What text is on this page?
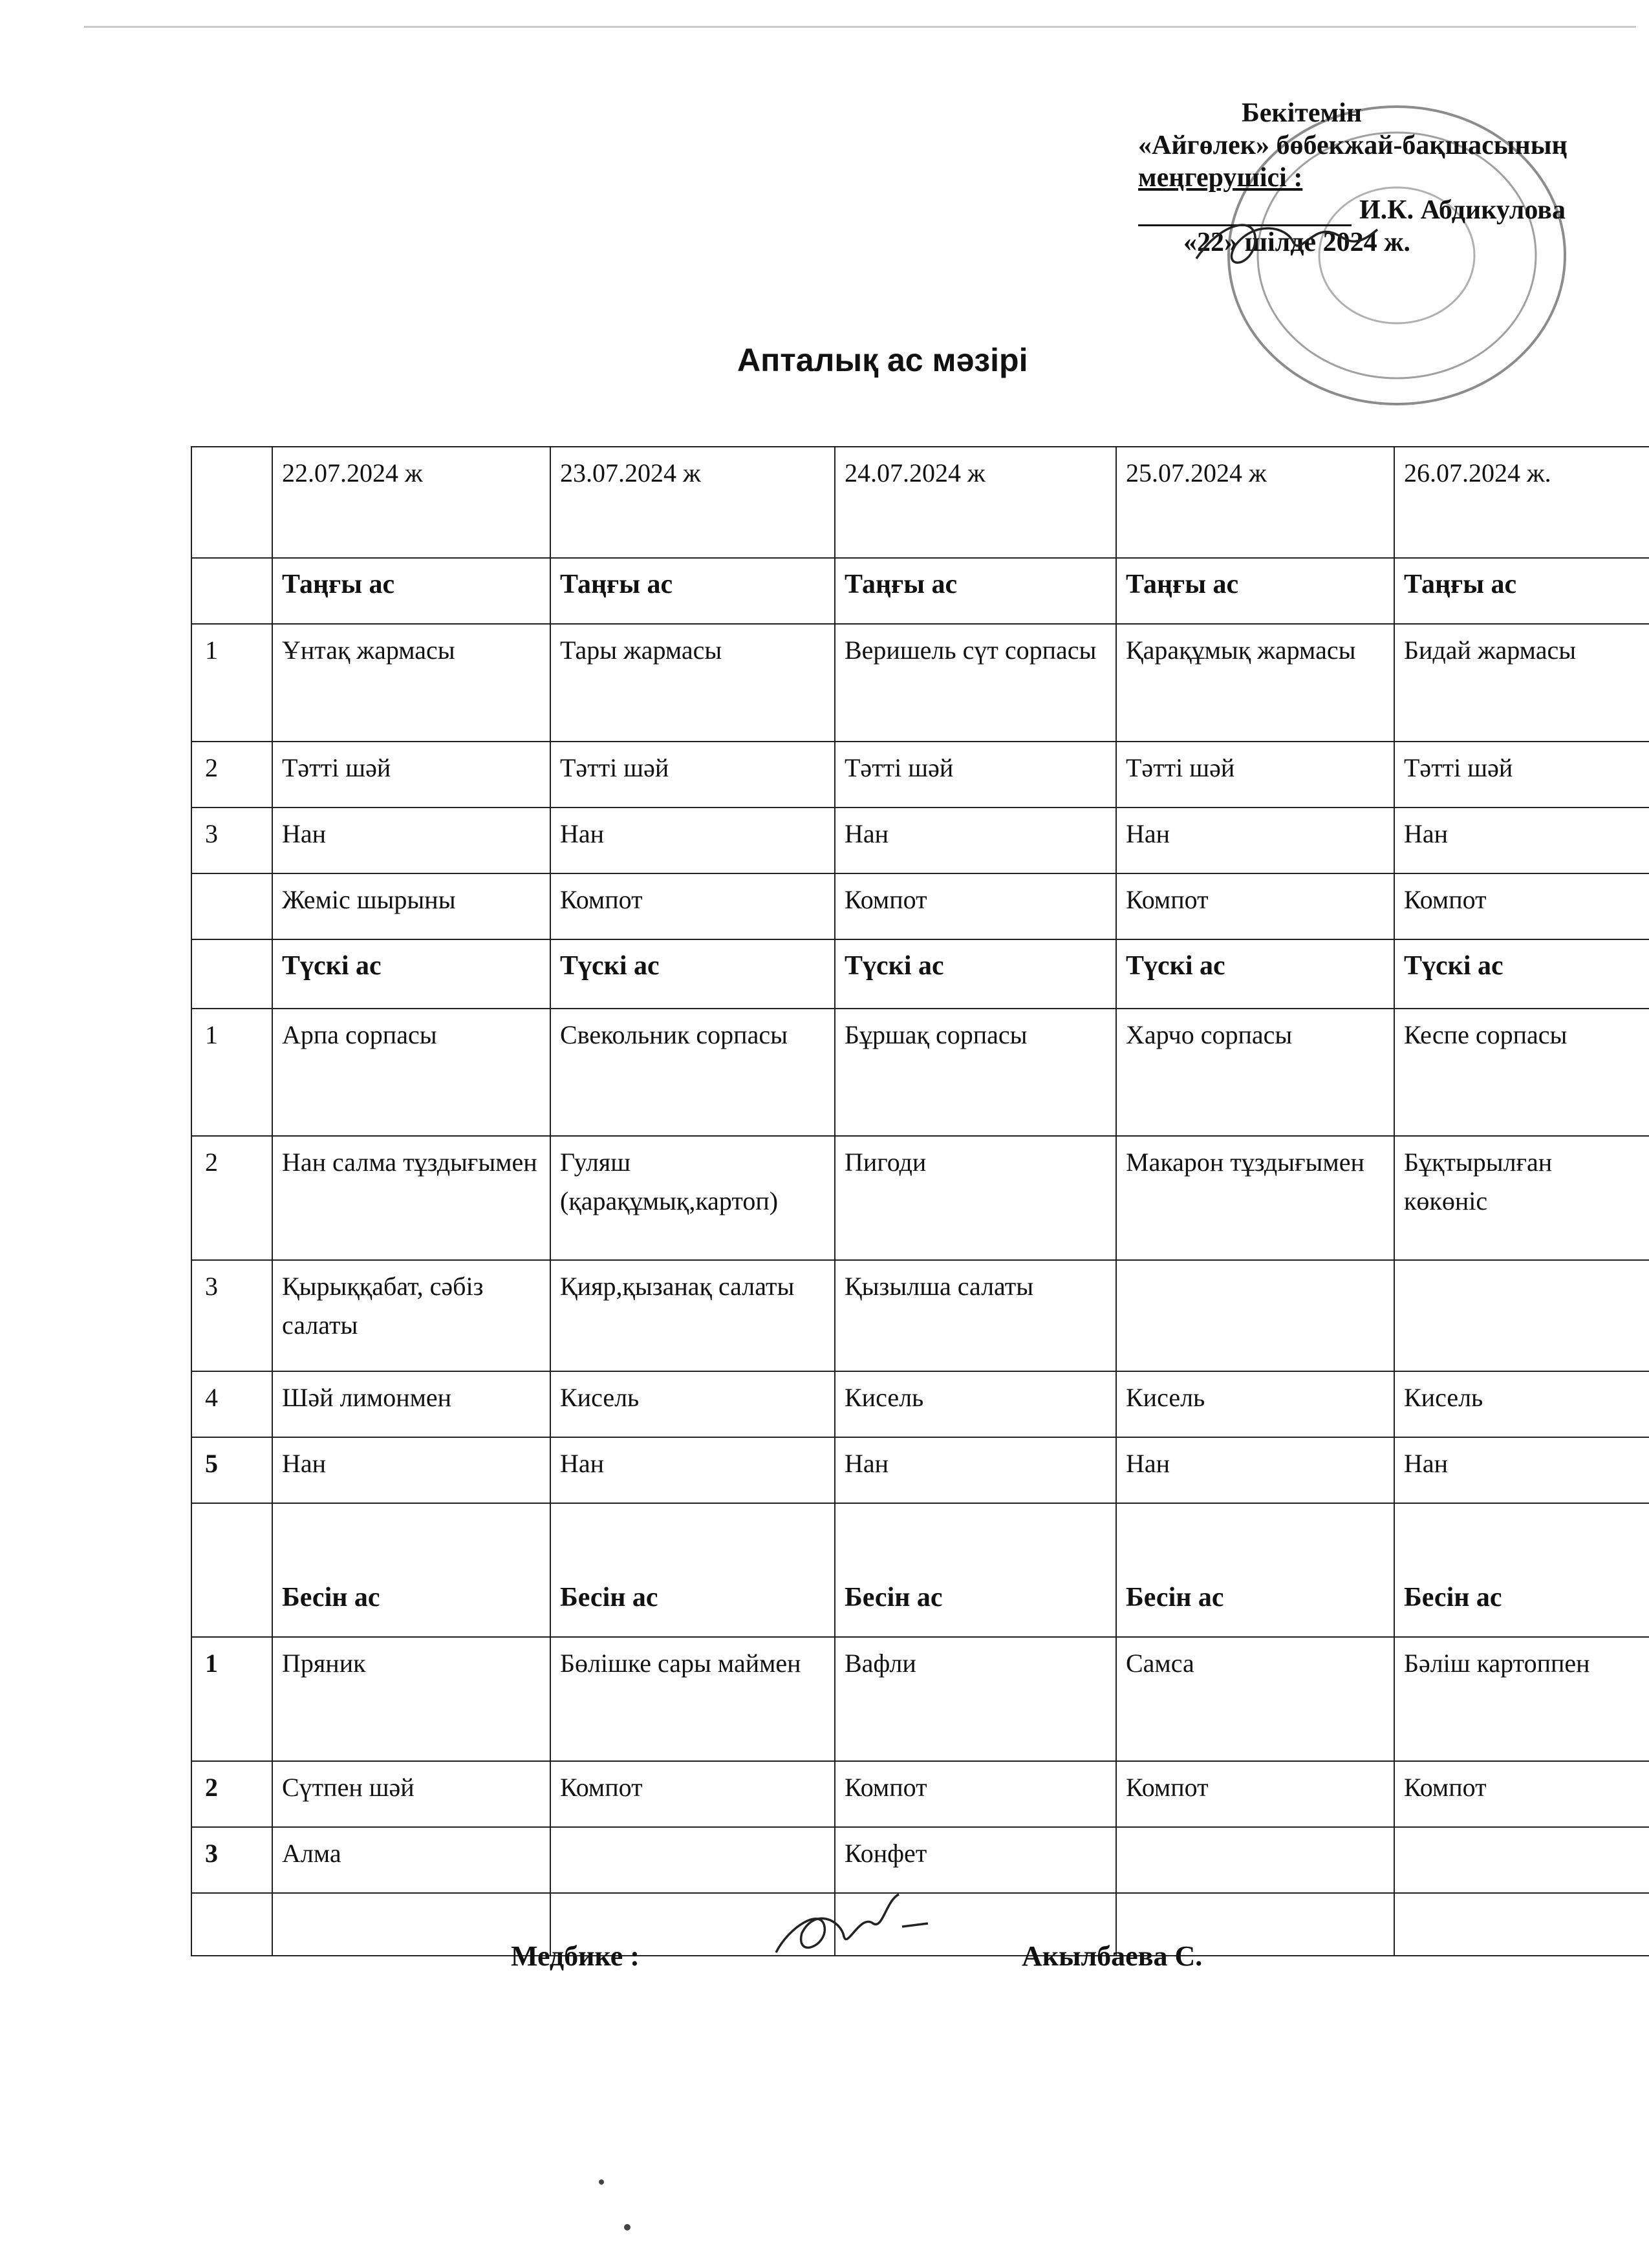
Бекітемін
«Айгөлек» бөбекжай-бақшасының
меңгерушісі :
И.К. Абдикулова
«22» шілде 2024 ж.
Апталық ас мәзірі
	22.07.2024 ж	23.07.2024 ж	24.07.2024 ж	25.07.2024 ж	26.07.2024 ж.
	Таңғы ас	Таңғы ас	Таңғы ас	Таңғы ас	Таңғы ас
1	Ұнтақ жармасы	Тары жармасы	Веришель сүт сорпасы	Қарақұмық жармасы	Бидай жармасы
2	Тәтті шәй	Тәтті шәй	Тәтті шәй	Тәтті шәй	Тәтті шәй
3	Нан	Нан	Нан	Нан	Нан
	Жеміс шырыны	Компот	Компот	Компот	Компот
	Түскі ас	Түскі ас	Түскі ас	Түскі ас	Түскі ас
1	Арпа сорпасы	Свекольник сорпасы	Бұршақ сорпасы	Харчо сорпасы	Кеспе сорпасы
2	Нан салма тұздығымен	Гуляш (қарақұмық,картоп)	Пигоди	Макарон тұздығымен	Бұқтырылған көкөніс
3	Қырыққабат, сәбіз салаты	Қияр,қызанақ салаты	Қызылша салаты		
4	Шәй лимонмен	Кисель	Кисель	Кисель	Кисель
5	Нан	Нан	Нан	Нан	Нан
	Бесін ас	Бесін ас	Бесін ас	Бесін ас	Бесін ас
1	Пряник	Бөлішке сары маймен	Вафли	Самса	Бәліш картоппен
2	Сүтпен шәй	Компот	Компот	Компот	Компот
3	Алма		Конфет		

Медбике :	Акылбаева С.
